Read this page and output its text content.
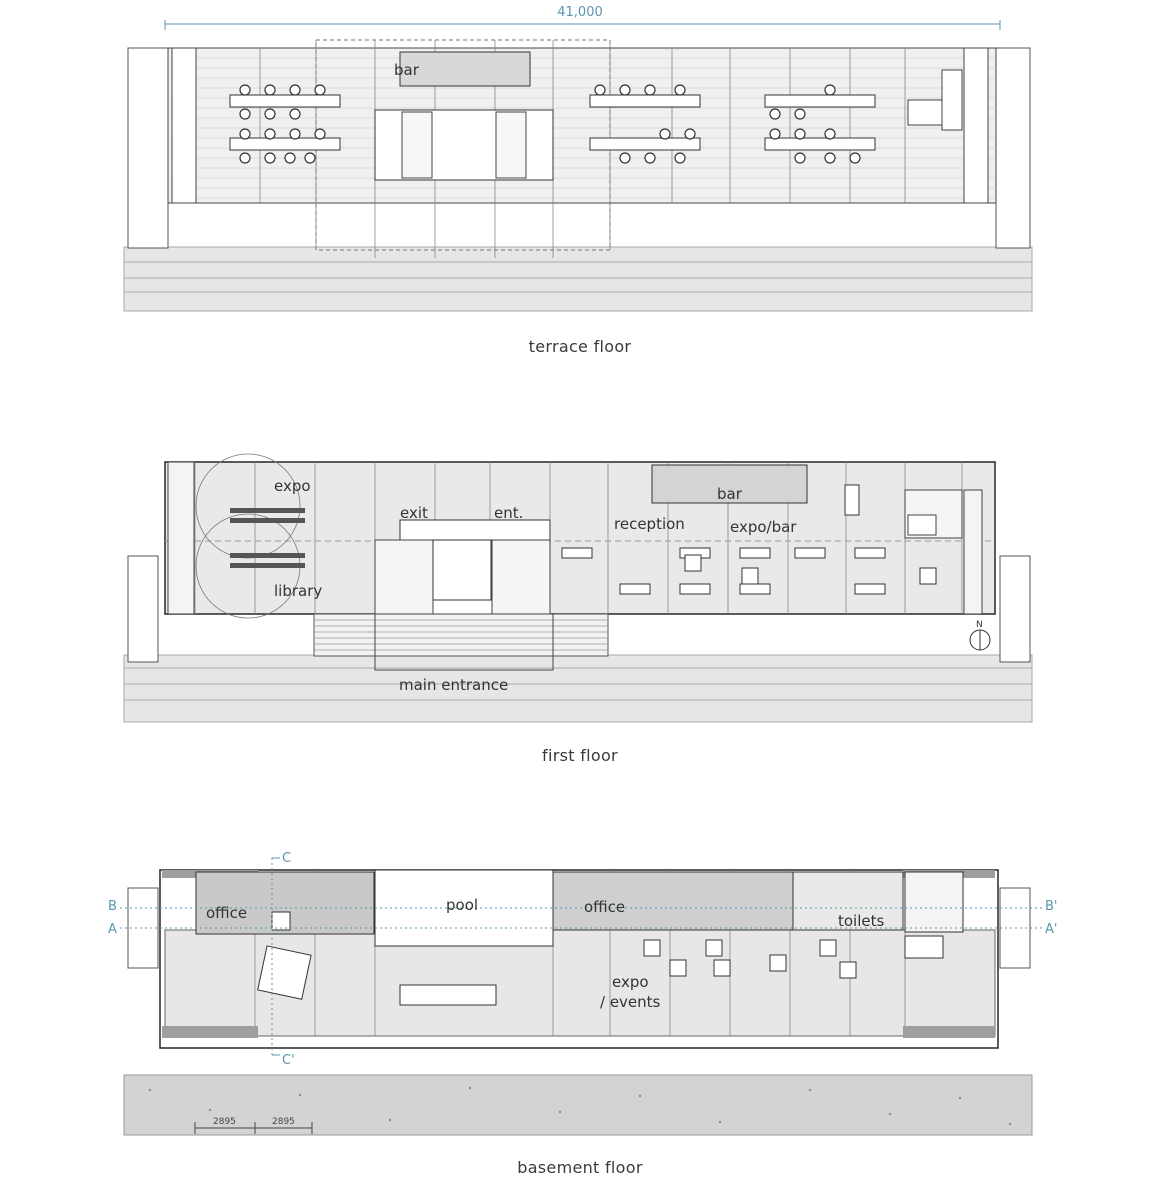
41,000
bar
terrace floor
N
expo
library
exit	ent.
reception
bar
expo/bar
main entrance
first floor
2895	2895
B
A
B'
A'
C
C'
office	pool	office
toilets
expo
/ events
basement floor
